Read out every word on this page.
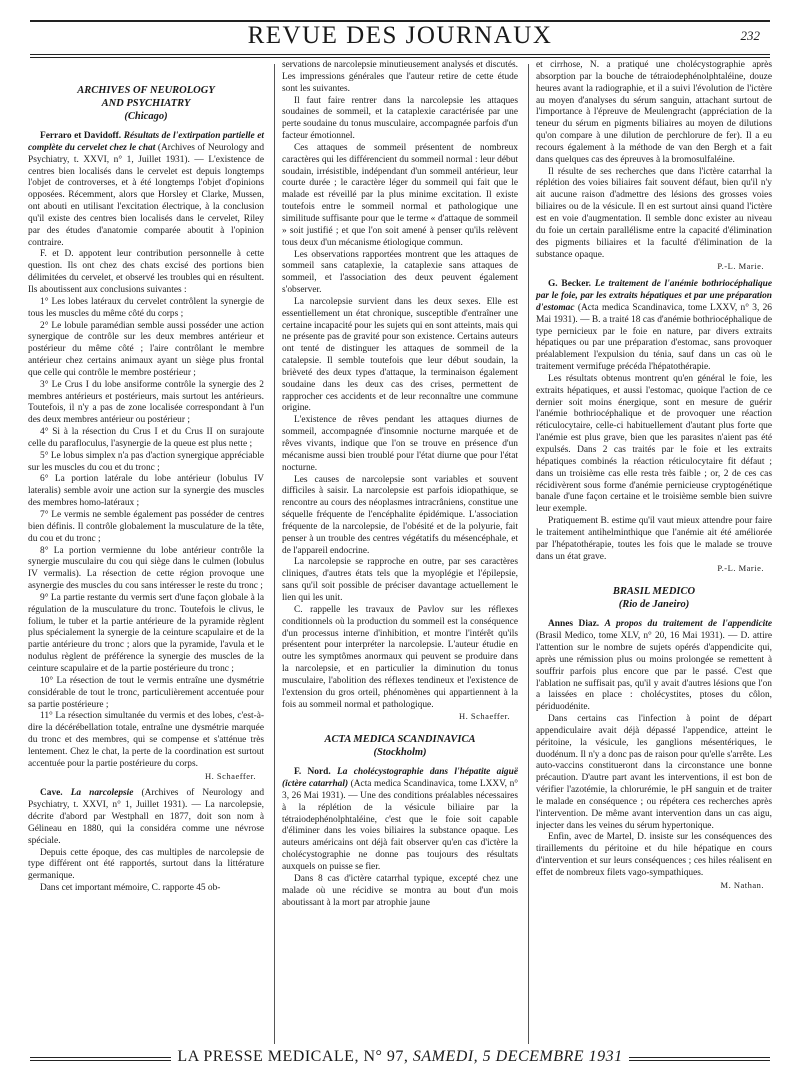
REVUE DES JOURNAUX	232
ARCHIVES OF NEUROLOGY
AND PSYCHIATRY
(Chicago)

Ferraro et Davidoff. Résultats de l'extirpation partielle et complète du cervelet chez le chat (Archives of Neurology and Psychiatry, t. XXVI, n° 1, Juillet 1931). — L'existence de centres bien localisés dans le cervelet est depuis longtemps l'objet de controverses, et à été longtemps l'objet d'opinions opposées. Récemment, alors que Horsley et Clarke, Mussen, ont abouti en utilisant l'excitation électrique, à la conclusion qu'il existe des centres bien localisés dans le cervelet, Riley par des études d'anatomie comparée aboutit à l'opinion contraire.

F. et D. appotent leur contribution personnelle à cette question. Ils ont chez des chats excisé des portions bien délimitées du cervelet, et observé les troubles qui en résultent. Ils aboutissent aux conclusions suivantes :

1° Les lobes latéraux du cervelet contrôlent la synergie de tous les muscles du même côté du corps ;

2° Le lobule paramédian semble aussi posséder une action synergique de contrôle sur les deux membres antérieur et postérieur du même côté ; l'aire contrôlant le membre antérieur chez certains animaux ayant un siège plus frontal que celle qui contrôle le membre postérieur ;

3° Le Crus I du lobe ansiforme contrôle la synergie des 2 membres antérieurs et postérieurs, mais surtout les antérieurs. Toutefois, il n'y a pas de zone localisée correspondant à l'un des deux membres antérieur ou postérieur ;

4° Si à la résection du Crus I et du Crus II on surajoute celle du parafloculus, l'asynergie de la queue est plus nette ;

5° Le lobus simplex n'a pas d'action synergique appréciable sur les muscles du cou et du tronc ;

6° La portion latérale du lobe antérieur (lobulus IV lateralis) semble avoir une action sur la synergie des muscles des membres homo-latéraux ;

7° Le vermis ne semble également pas posséder de centres bien définis. Il contrôle globalement la musculature de la tête, du cou et du tronc ;

8° La portion vermienne du lobe antérieur contrôle la synergie musculaire du cou qui siège dans le culmen (lobulus IV vermalis). La résection de cette région provoque une asynergie des muscles du cou sans intéresser le reste du tronc ;

9° La partie restante du vermis sert d'une façon globale à la régulation de la musculature du tronc. Toutefois le clivus, le folium, le tuber et la partie antérieure de la pyramide règlent plus spécialement la synergie de la ceinture scapulaire et de la partie antérieure du tronc ; alors que la pyramide, l'avula et le nodulus règlent de préférence la synergie des muscles de la ceinture scapulaire et de la partie postérieure du tronc ;

10° La résection de tout le vermis entraîne une dysmétrie considérable de tout le tronc, particulièrement accentuée pour sa partie postérieure ;

11° La résection simultanée du vermis et des lobes, c'est-à-dire la décérébellation totale, entraîne une dysmétrie marquée du tronc et des membres, qui se compense et s'atténue très lentement. Chez le chat, la perte de la coordination est surtout accentuée pour la partie postérieure du corps.

H. Schaeffer.

Cave. La narcolepsie (Archives of Neurology and Psychiatry, t. XXVI, n° 1, Juillet 1931). — La narcolepsie, décrite d'abord par Westphall en 1877, doit son nom à Gélineau en 1880, qui la considéra comme une névrose spéciale.

Depuis cette époque, des cas multiples de narcolepsie de type différent ont été rapportés, surtout dans la littérature germanique.

Dans cet important mémoire, C. rapporte 45 ob-

servations de narcolepsie minutieusement analysés et discutés. Les impressions générales que l'auteur retire de cette étude sont les suivantes.

Il faut faire rentrer dans la narcolepsie les attaques soudaines de sommeil, et la cataplexie caractérisée par une perte soudaine du tonus musculaire, accompagnée parfois d'un facteur émotionnel.

Ces attaques de sommeil présentent de nombreux caractères qui les différencient du sommeil normal : leur début soudain, irrésistible, indépendant d'un sommeil antérieur, leur courte durée ; le caractère léger du sommeil qui fait que le malade est réveillé par la plus minime excitation. Il existe toutefois entre le sommeil normal et pathologique une similitude suffisante pour que le terme « d'attaque de sommeil » soit justifié ; et que l'on soit amené à penser qu'ils relèvent tous deux d'un mécanisme étiologique commun.

Les observations rapportées montrent que les attaques de sommeil sans cataplexie, la cataplexie sans attaques de sommeil, et l'association des deux peuvent également s'observer.

La narcolepsie survient dans les deux sexes. Elle est essentiellement un état chronique, susceptible d'entraîner une certaine incapacité pour les sujets qui en sont atteints, mais qui ne présente pas de gravité pour son existence. Certains auteurs ont tenté de distinguer les attaques de sommeil de la catalepsie. Il semble toutefois que leur début soudain, la brièveté des deux types d'attaque, la terminaison également soudaine dans les deux cas des crises, permettent de rapprocher ces accidents et de leur reconnaître une commune origine.

L'existence de rêves pendant les attaques diurnes de sommeil, accompagnée d'insomnie nocturne marquée et de rêves vivants, indique que l'on se trouve en présence d'un mécanisme aussi bien troublé pour l'état diurne que pour l'état nocturne.

Les causes de narcolepsie sont variables et souvent difficiles à saisir. La narcolepsie est parfois idiopathique, se rencontre au cours des néoplasmes intracrâniens, constitue une séquelle fréquente de l'encéphalite épidémique. L'association fréquente de la narcolepsie, de l'obésité et de la polyurie, fait penser à un trouble des centres végétatifs du mésencéphale, et de l'appareil endocrine.

La narcolepsie se rapproche en outre, par ses caractères cliniques, d'autres états tels que la myoplégie et l'épilepsie, sans qu'il soit possible de préciser davantage actuellement le lien qui les unit.

C. rappelle les travaux de Pavlov sur les réflexes conditionnels où la production du sommeil est la conséquence d'un processus interne d'inhibition, et montre l'intérêt qu'ils présentent pour interpréter la narcolepsie. L'auteur étudie en outre les symptômes anormaux qui peuvent se produire dans la narcolepsie, et en particulier la diminution du tonus musculaire, l'abolition des réflexes tendineux et l'existence de l'extension du gros orteil, phénomènes qui appartiennent à la fois au sommeil normal et pathologique.

H. Schaeffer.
ACTA MEDICA SCANDINAVICA
(Stockholm)

F. Nord. La cholécystographie dans l'hépatite aiguë (ictère catarrhal) (Acta medica Scandinavica, tome LXXV, n° 3, 26 Mai 1931). — Une des conditions préalables nécessaires à la réplétion de la vésicule biliaire par la tétraiodephénolphtaléine, c'est que le foie soit capable d'éliminer dans les voies biliaires la substance opaque. Les auteurs américains ont déjà fait observer qu'en cas d'ictère la cholécystographie ne donne pas toujours des résultats auxquels on puisse se fier.

Dans 8 cas d'ictère catarrhal typique, excepté chez une malade où une récidive se montra au bout d'un mois aboutissant à la mort par atrophie jaune

et cirrhose, N. a pratiqué une cholécystographie après absorption par la bouche de tétraiodephénolphtaléine, douze heures avant la radiographie, et il a suivi l'évolution de l'ictère au moyen d'analyses du sérum sanguin, attachant surtout de l'importance à l'épreuve de Meulengracht (appréciation de la teneur du sérum en pigments biliaires au moyen de dilutions qu'on compare à une dilution de perchlorure de fer). Il a eu recours également à la méthode de van den Bergh et a fait dans quelques cas des épreuves à la bromosulfaléine.

Il résulte de ses recherches que dans l'ictère catarrhal la réplétion des voies biliaires fait souvent défaut, bien qu'il n'y ait aucune raison d'admettre des lésions des grosses voies biliaires ou de la vésicule. Il en est surtout ainsi quand l'ictère est en voie d'augmentation. Il semble donc exister au niveau du foie un certain parallélisme entre la capacité d'élimination des pigments biliaires et la faculté d'élimination de la substance opaque.

P.-L. Marie.

G. Becker. Le traitement de l'anémie bothriocéphalique par le foie, par les extraits hépatiques et par une préparation d'estomac (Acta medica Scandinavica, tome LXXV, n° 3, 26 Mai 1931). — B. a traité 18 cas d'anémie bothriocéphalique de type pernicieux par le foie en nature, par divers extraits hépatiques ou par une préparation d'estomac, sans provoquer préalablement l'expulsion du ténia, sauf dans un cas où le traitement vermifuge précéda l'hépatothérapie.

Les résultats obtenus montrent qu'en général le foie, les extraits hépatiques, et aussi l'estomac, quoique l'action de ce dernier soit moins énergique, sont en mesure de guérir l'anémie bothriocéphalique et de provoquer une réaction réticulocytaire, celle-ci habituellement d'autant plus forte que l'anémie est plus grave, bien que les parasites n'aient pas été expulsés. Dans 2 cas traités par le foie et les extraits hépatiques combinés la réaction réticulocytaire fit défaut ; dans un troisième cas elle resta très faible ; or, 2 de ces cas récidivèrent sous forme d'anémie pernicieuse cryptogénétique banale d'une façon certaine et le troisième semble bien suivre leur exemple.

Pratiquement B. estime qu'il vaut mieux attendre pour faire le traitement antihelminthique que l'anémie ait été améliorée par l'hépatothérapie, toutes les fois que le malade se trouve dans un état grave.

P.-L. Marie.
BRASIL MEDICO
(Rio de Janeiro)

Annes Diaz. A propos du traitement de l'appendicite (Brasil Medico, tome XLV, n° 20, 16 Mai 1931). — D. attire l'attention sur le nombre de sujets opérés d'appendicite qui, après une rémission plus ou moins prolongée se remettent à souffrir parfois plus encore que par le passé. C'est que l'ablation ne suffisait pas, qu'il y avait d'autres lésions que l'on a laissées en place : cholécystites, ptoses du côlon, périduodénite.

Dans certains cas l'infection à point de départ appendiculaire avait déjà dépassé l'appendice, atteint le péritoine, la vésicule, les ganglions mésentériques, le duodénum. Il n'y a donc pas de raison pour qu'elle s'arrête. Les auto-vaccins constitueront dans la circonstance une bonne précaution. D'autre part avant les interventions, il est bon de vérifier l'azotémie, la chlorurémie, le pH sanguin et de traiter le malade en conséquence ; ou répétera ces recherches après l'intervention. De même avant intervention dans un cas aigu, injecter dans les veines du sérum hypertonique.

Enfin, avec de Martel, D. insiste sur les conséquences des tiraillements du péritoine et du hile hépatique en cours d'intervention et sur leurs conséquences ; ces hiles réalisent en effet de nombreux filets vago-sympathiques.

M. Nathan.
LA PRESSE MEDICALE, N° 97, SAMEDI, 5 DECEMBRE 1931
